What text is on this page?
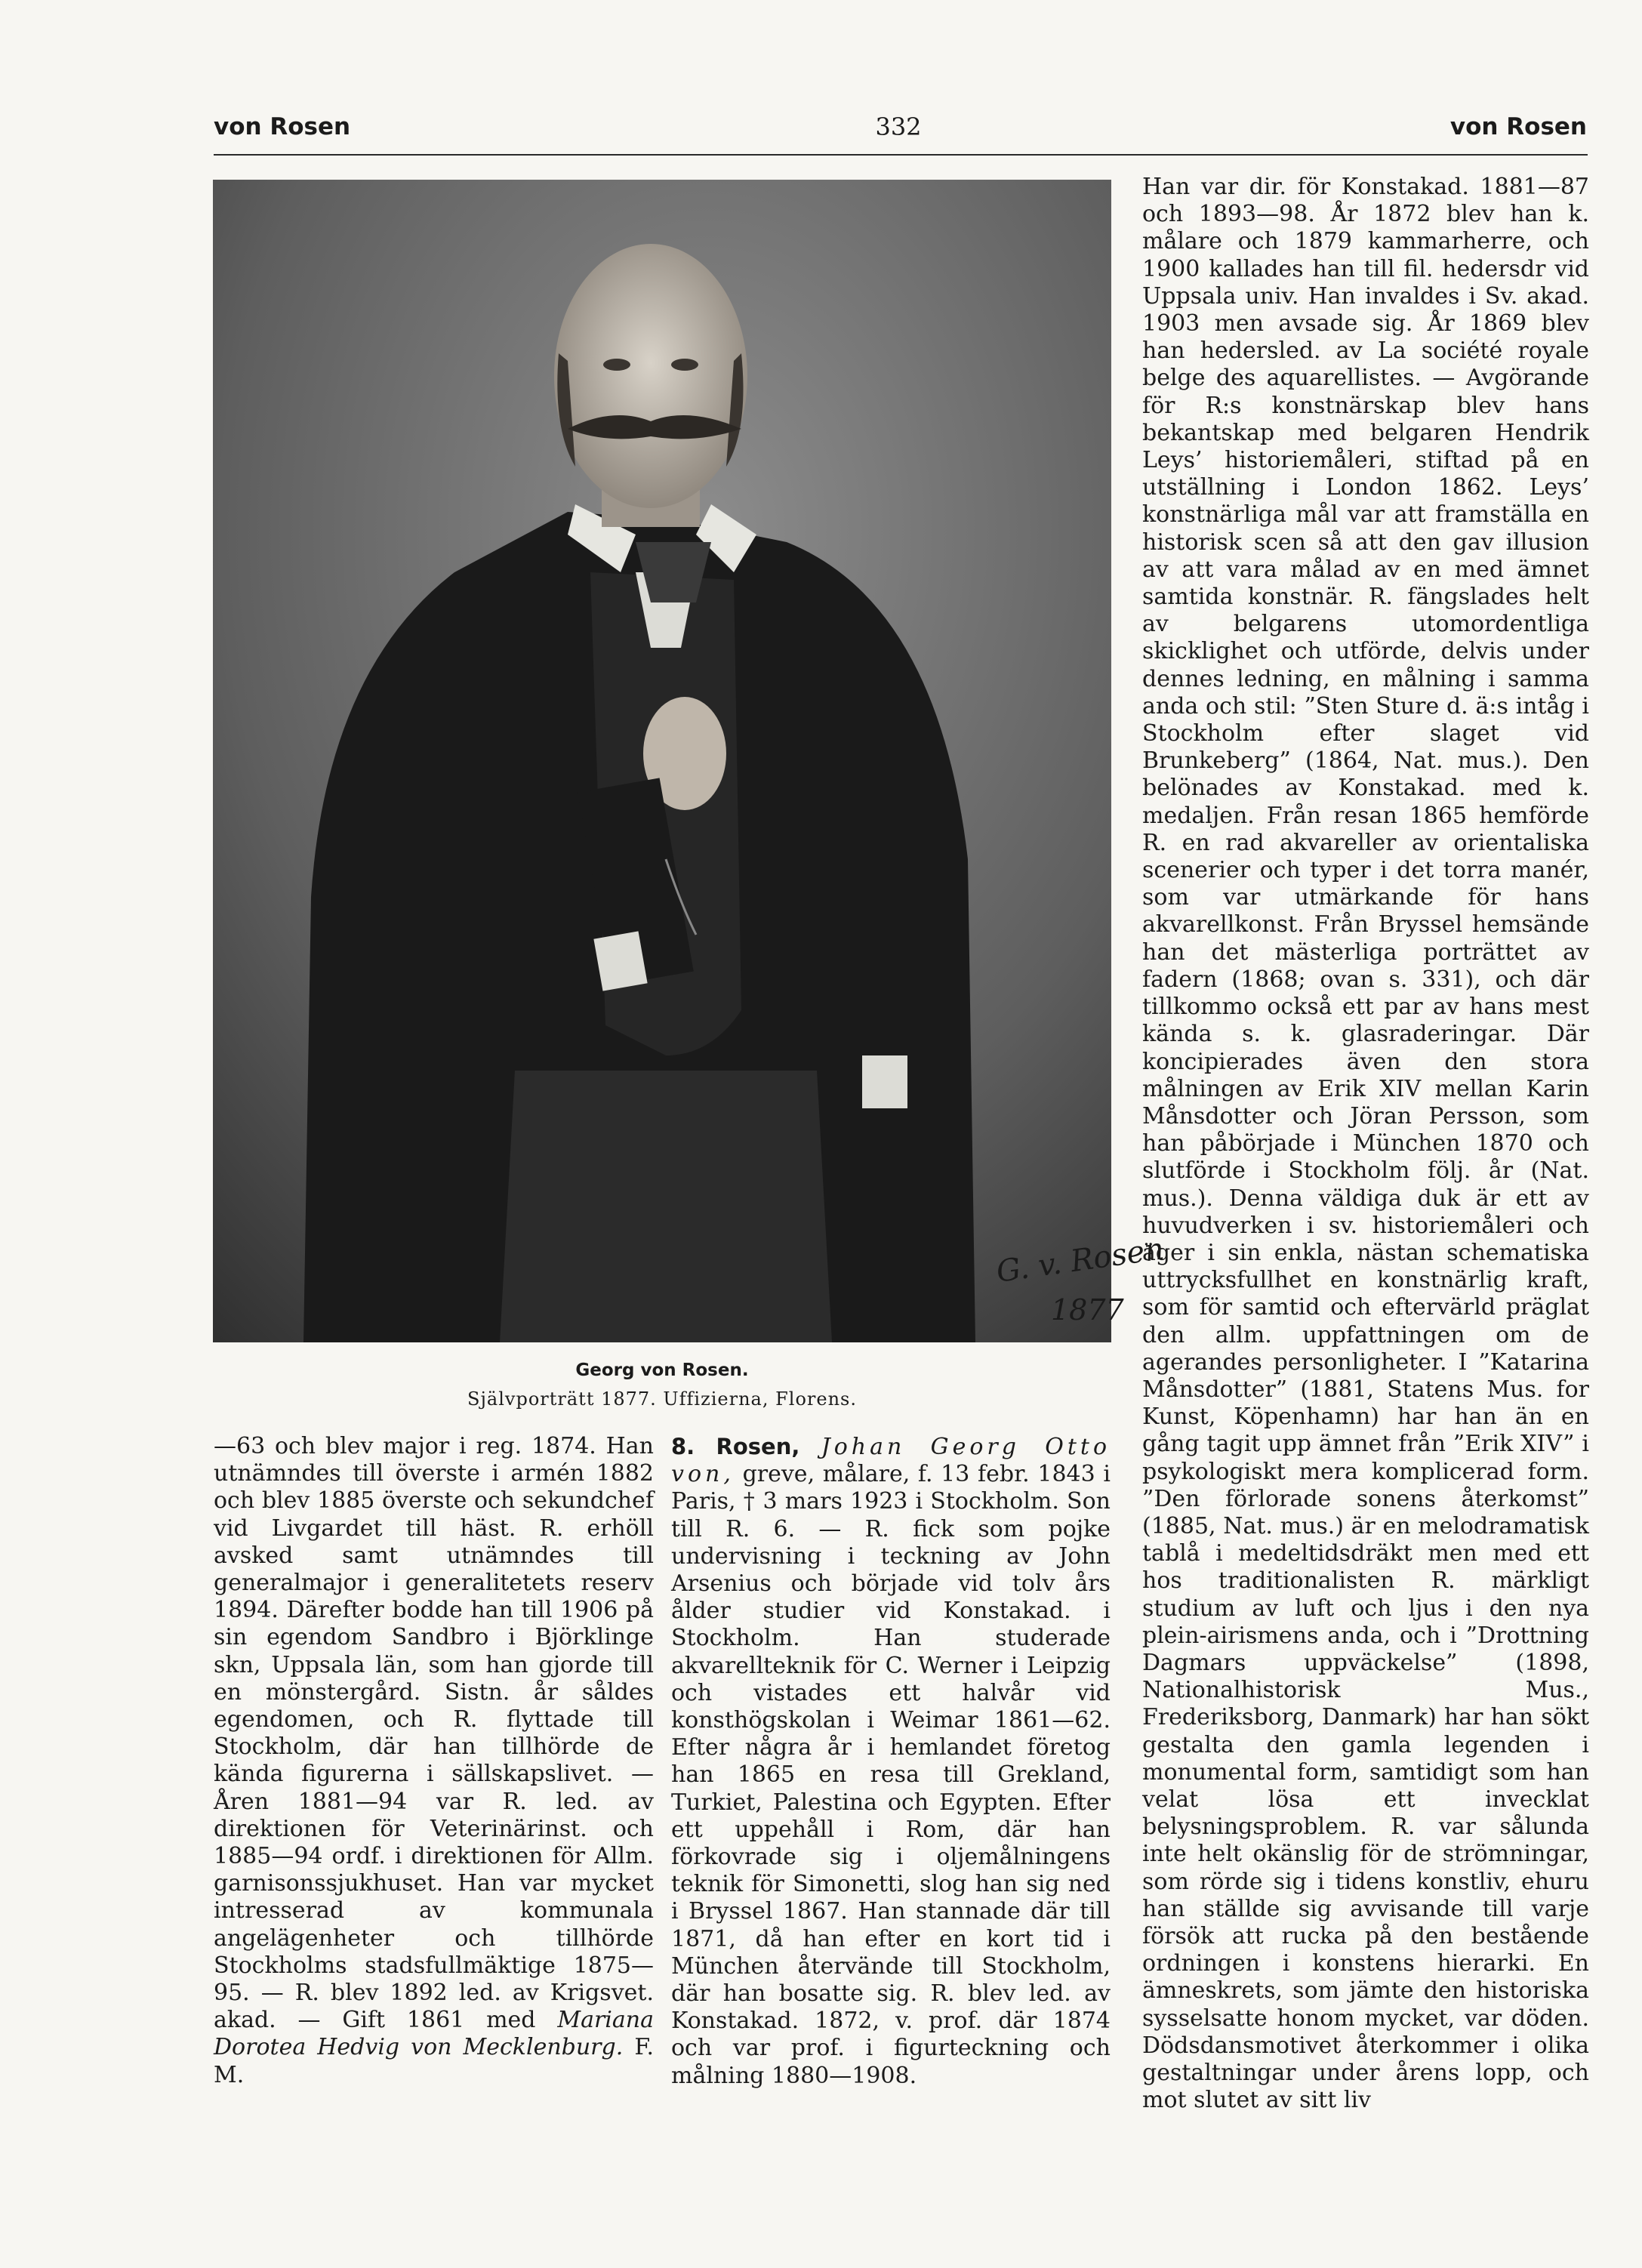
von Rosen	332	von Rosen
G. v. Rosen
1877
Georg von Rosen.
Självporträtt 1877. Uffizierna, Florens.

—63 och blev major i reg. 1874. Han utnämndes till överste i armén 1882 och blev 1885 överste och sekundchef vid Livgardet till häst. R. erhöll avsked samt utnämndes till generalmajor i generalitetets reserv 1894. Därefter bodde han till 1906 på sin egendom Sandbro i Björklinge skn, Uppsala län, som han gjorde till en mönstergård. Sistn. år såldes egendomen, och R. flyttade till Stockholm, där han tillhörde de kända figurerna i sällskapslivet. — Åren 1881—94 var R. led. av direktionen för Veterinärinst. och 1885—94 ordf. i direktionen för Allm. garnisonssjukhuset. Han var mycket intresserad av kommunala angelägenheter och tillhörde Stockholms stadsfullmäktige 1875—95. — R. blev 1892 led. av Krigsvet. akad. — Gift 1861 med Mariana Dorotea Hedvig von Mecklenburg. F. M.

8. Rosen, Johan Georg Otto von, greve, målare, f. 13 febr. 1843 i Paris, † 3 mars 1923 i Stockholm. Son till R. 6. — R. fick som pojke undervisning i teckning av John Arsenius och började vid tolv års ålder studier vid Konstakad. i Stockholm. Han studerade akvarellteknik för C. Werner i Leipzig och vistades ett halvår vid konsthögskolan i Weimar 1861—62. Efter några år i hemlandet företog han 1865 en resa till Grekland, Turkiet, Palestina och Egypten. Efter ett uppehåll i Rom, där han förkovrade sig i oljemålningens teknik för Simonetti, slog han sig ned i Bryssel 1867. Han stannade där till 1871, då han efter en kort tid i München återvände till Stockholm, där han bosatte sig. R. blev led. av Konstakad. 1872, v. prof. där 1874 och var prof. i figurteckning och målning 1880—1908.

Han var dir. för Konstakad. 1881—87 och 1893—98. År 1872 blev han k. målare och 1879 kammarherre, och 1900 kallades han till fil. hedersdr vid Uppsala univ. Han invaldes i Sv. akad. 1903 men avsade sig. År 1869 blev han hedersled. av La société royale belge des aquarellistes. — Avgörande för R:s konstnärskap blev hans bekantskap med belgaren Hendrik Leys’ historiemåleri, stiftad på en utställning i London 1862. Leys’ konstnärliga mål var att framställa en historisk scen så att den gav illusion av att vara målad av en med ämnet samtida konstnär. R. fängslades helt av belgarens utomordentliga skicklighet och utförde, delvis under dennes ledning, en målning i samma anda och stil: ”Sten Sture d. ä:s intåg i Stockholm efter slaget vid Brunkeberg” (1864, Nat. mus.). Den belönades av Konstakad. med k. medaljen. Från resan 1865 hemförde R. en rad akvareller av orientaliska scenerier och typer i det torra manér, som var utmärkande för hans akvarellkonst. Från Bryssel hemsände han det mästerliga porträttet av fadern (1868; ovan s. 331), och där tillkommo också ett par av hans mest kända s. k. glasraderingar. Där koncipierades även den stora målningen av Erik XIV mellan Karin Månsdotter och Jöran Persson, som han påbörjade i München 1870 och slutförde i Stockholm följ. år (Nat. mus.). Denna väldiga duk är ett av huvudverken i sv. historiemåleri och äger i sin enkla, nästan schematiska uttrycksfullhet en konstnärlig kraft, som för samtid och eftervärld präglat den allm. uppfattningen om de agerandes personligheter. I ”Katarina Månsdotter” (1881, Statens Mus. for Kunst, Köpenhamn) har han än en gång tagit upp ämnet från ”Erik XIV” i psykologiskt mera komplicerad form. ”Den förlorade sonens återkomst” (1885, Nat. mus.) är en melodramatisk tablå i medeltidsdräkt men med ett hos traditionalisten R. märkligt studium av luft och ljus i den nya plein-airismens anda, och i ”Drottning Dagmars uppväckelse” (1898, Nationalhistorisk Mus., Frederiksborg, Danmark) har han sökt gestalta den gamla legenden i monumental form, samtidigt som han velat lösa ett invecklat belysningsproblem. R. var sålunda inte helt okänslig för de strömningar, som rörde sig i tidens konstliv, ehuru han ställde sig avvisande till varje försök att rucka på den bestående ordningen i konstens hierarki. En ämneskrets, som jämte den historiska sysselsatte honom mycket, var döden. Dödsdansmotivet återkommer i olika gestaltningar under årens lopp, och mot slutet av sitt liv
